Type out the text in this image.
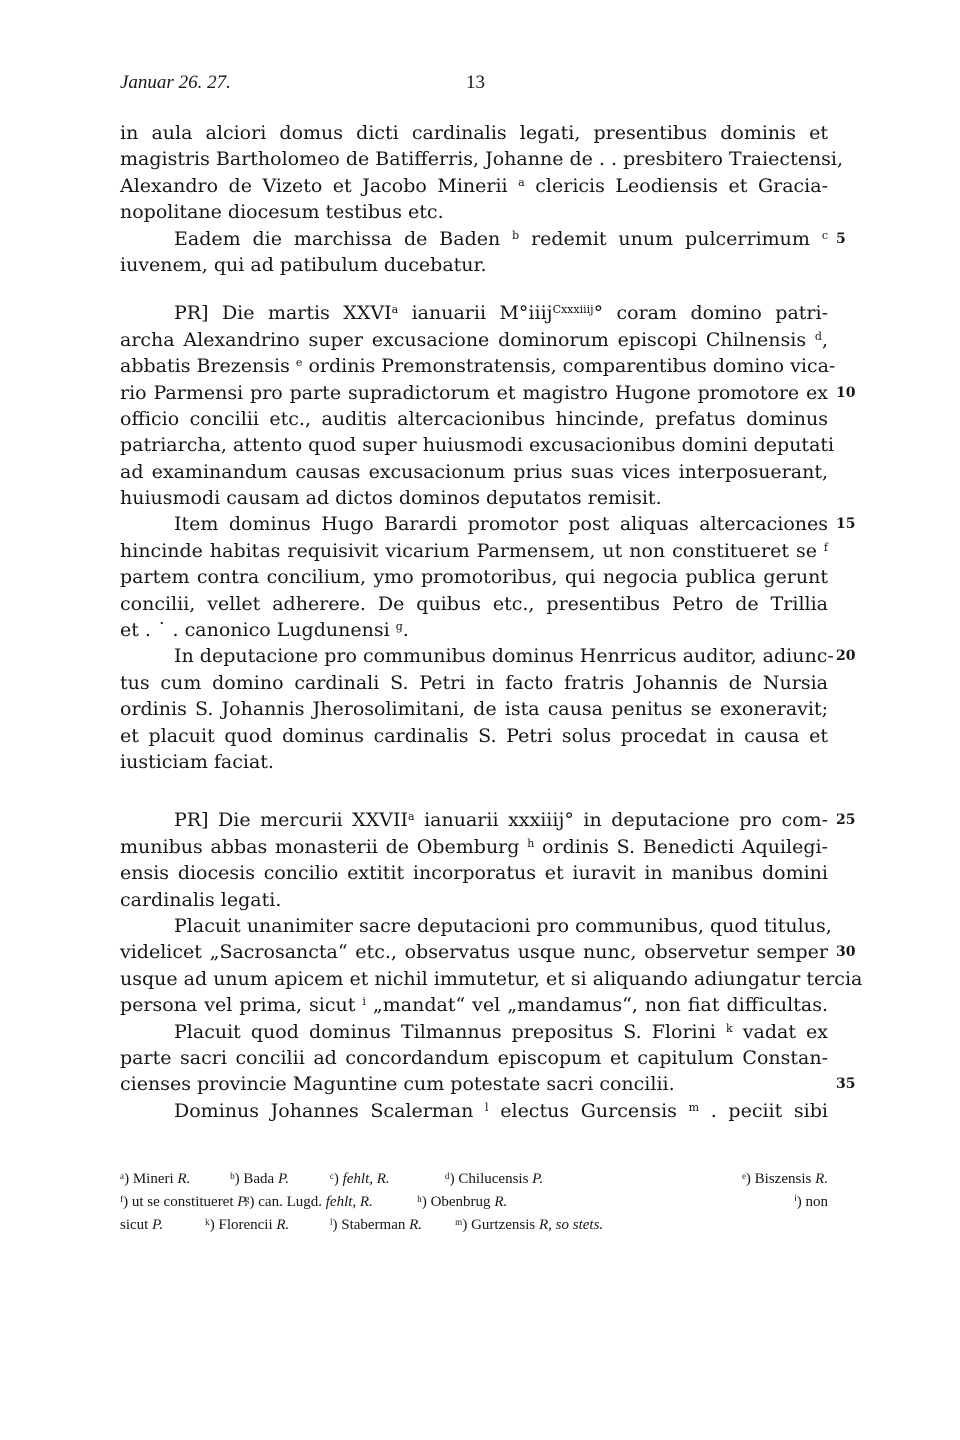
Januar 26. 27.	13
in aula alciori domus dicti cardinalis legati, presentibus dominis et
magistris Bartholomeo de Batifferris, Johanne de . . presbitero Traiectensi,
Alexandro de Vizeto et Jacobo Minerii $^a$ clericis Leodiensis et Gracia-
nopolitane diocesum testibus etc.
Eadem die marchissa de Baden $^b$ redemit unum pulcerrimum $^c$ 5
iuvenem, qui ad patibulum ducebatur.
PR] Die martis XXVI$^a$ ianuarii M°iiij$^{Cxxxiiij}$° coram domino patri-
archa Alexandrino super excusacione dominorum episcopi Chilnensis $^d$,
abbatis Brezensis $^e$ ordinis Premonstratensis, comparentibus domino vica-
rio Parmensi pro parte supradictorum et magistro Hugone promotore ex 10
officio concilii etc., auditis altercacionibus hincinde, prefatus dominus
patriarcha, attento quod super huiusmodi excusacionibus domini deputati
ad examinandum causas excusacionum prius suas vices interposuerant,
huiusmodi causam ad dictos dominos deputatos remisit.
Item dominus Hugo Barardi promotor post aliquas altercaciones 15
hincinde habitas requisivit vicarium Parmensem, ut non constitueret se $^f$
partem contra concilium, ymo promotoribus, qui negocia publica gerunt
concilii, vellet adherere. De quibus etc., presentibus Petro de Trillia
et . ˙ . canonico Lugdunensi $^g$.
In deputacione pro communibus dominus Henrricus auditor, adiunc- 20
tus cum domino cardinali S. Petri in facto fratris Johannis de Nursia
ordinis S. Johannis Jherosolimitani, de ista causa penitus se exoneravit;
et placuit quod dominus cardinalis S. Petri solus procedat in causa et
iusticiam faciat.
PR] Die mercurii XXVII$^a$ ianuarii xxxiiij° in deputacione pro com- 25
munibus abbas monasterii de Obemburg $^h$ ordinis S. Benedicti Aquilegi-
ensis diocesis concilio extitit incorporatus et iuravit in manibus domini
cardinalis legati.
Placuit unanimiter sacre deputacioni pro communibus, quod titulus,
videlicet „Sacrosancta“ etc., observatus usque nunc, observetur semper 30
usque ad unum apicem et nichil immutetur, et si aliquando adiungatur tercia
persona vel prima, sicut $^i$ „mandat“ vel „mandamus“, non fiat difficultas.
Placuit quod dominus Tilmannus prepositus S. Florini $^k$ vadat ex
parte sacri concilii ad concordandum episcopum et capitulum Constan-
cienses provincie Maguntine cum potestate sacri concilii.	35
Dominus Johannes Scalerman $^l$ electus Gurcensis $^m$ . peciit sibi
ᵃ) Mineri R.	ᵇ) Bada P.	ᶜ) fehlt, R.	ᵈ) Chilucensis P.	ᵉ) Biszensis R.
ᶠ) ut se constitueret P.
ᵍ) can. Lugd. fehlt, R.	ʰ) Obenbrug R.	ⁱ) non
sicut P.	ᵏ) Florencii R.	ˡ) Staberman R. ᵐ) Gurtzensis R, so stets.
